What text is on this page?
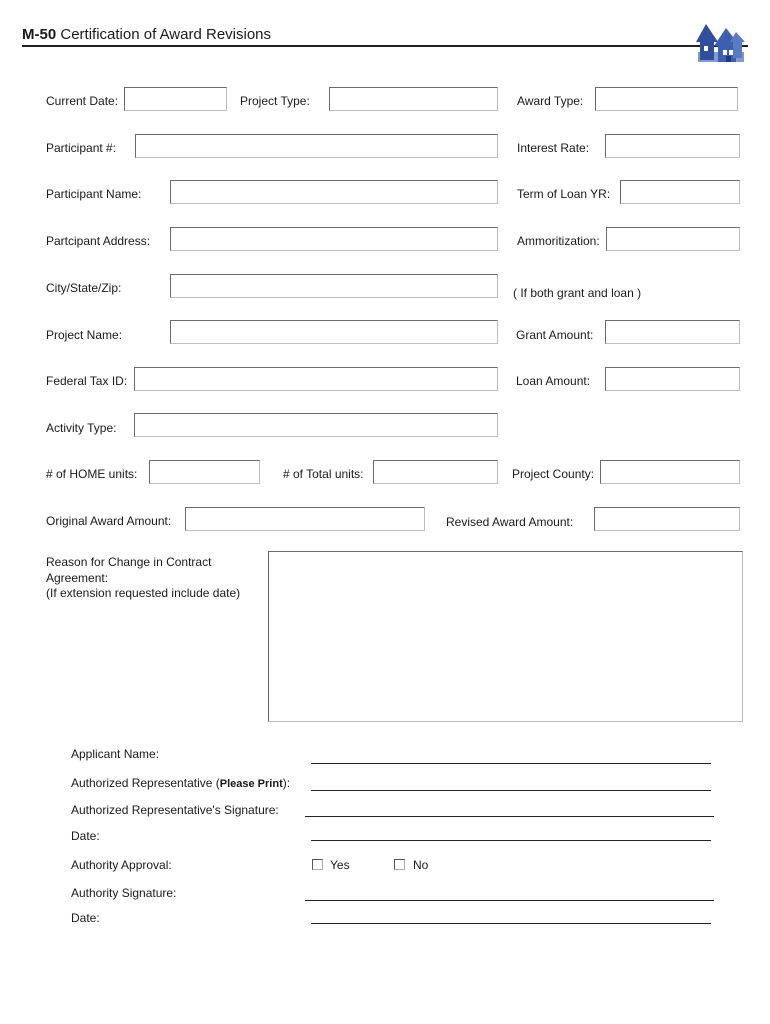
M-50 Certification of Award Revisions
Current Date:	Project Type:	Award Type:
Participant #:	Interest Rate:
Participant Name:	Term of Loan YR:
Partcipant Address:	Ammoritization:
City/State/Zip:	( If both grant and loan )
Project Name:	Grant Amount:
Federal Tax ID:	Loan Amount:
Activity Type:
# of HOME units:	# of Total units:	Project County:
Original Award Amount:	Revised Award Amount:
Reason for Change in Contract
Agreement:
(If extension requested include date)
Applicant Name:
Authorized Representative (Please Print):
Authorized Representative's Signature:
Date:
Authority Approval:	Yes	No
Authority Signature:
Date:
